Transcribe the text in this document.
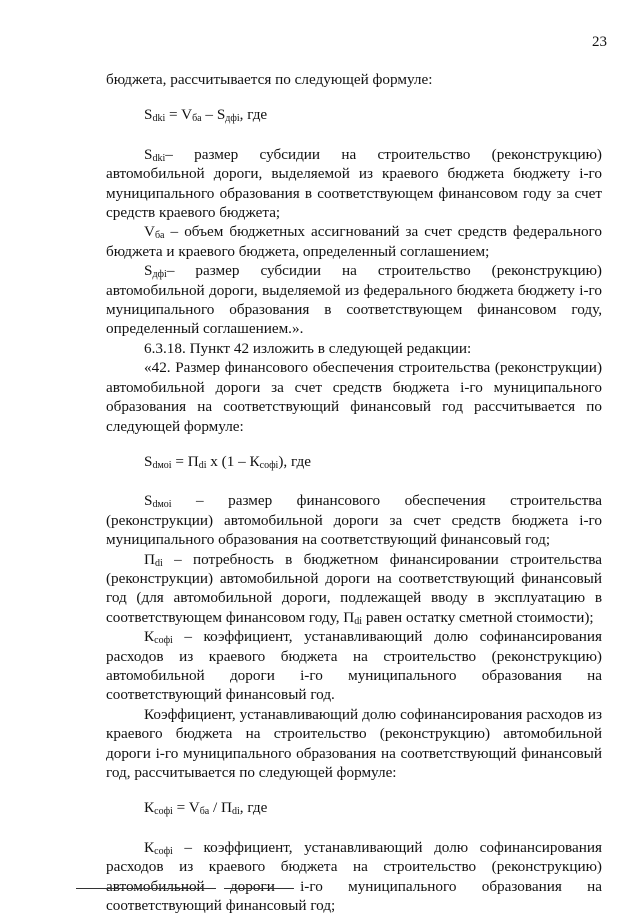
23

бюджета, рассчитывается по следующей формуле:

$S_{dki} = V_{ба} - S_{дфi}$, где

$S_{dki}-$ размер субсидии на строительство (реконструкцию) автомобильной дороги, выделяемой из краевого бюджета бюджету i-го муниципального образования в соответствующем финансовом году за счет средств краевого бюджета;

$V_{ба}$ – объем бюджетных ассигнований за счет средств федерального бюджета и краевого бюджета, определенный соглашением;

$S_{дфi}-$ размер субсидии на строительство (реконструкцию) автомобильной дороги, выделяемой из федерального бюджета бюджету i-го муниципального образования в соответствующем финансовом году, определенный соглашением.».

6.3.18. Пункт 42 изложить в следующей редакции:

«42. Размер финансового обеспечения строительства (реконструкции) автомобильной дороги за счет средств бюджета i-го муниципального образования на соответствующий финансовый год рассчитывается по следующей формуле:

$S_{dмоi} = П_{di}$ x $(1 - К_{софi})$, где

$S_{dмоi}$ – размер финансового обеспечения строительства (реконструкции) автомобильной дороги за счет средств бюджета i-го муниципального образования на соответствующий финансовый год;

$П_{di}$ – потребность в бюджетном финансировании строительства (реконструкции) автомобильной дороги на соответствующий финансовый год (для автомобильной дороги, подлежащей вводу в эксплуатацию в соответствующем финансовом году, $П_{di}$ равен остатку сметной стоимости);

$К_{софi}$ – коэффициент, устанавливающий долю софинансирования расходов из краевого бюджета на строительство (реконструкцию) автомобильной дороги i-го муниципального образования на соответствующий финансовый год.

Коэффициент, устанавливающий долю софинансирования расходов из краевого бюджета на строительство (реконструкцию) автомобильной дороги i-го муниципального образования на соответствующий финансовый год, рассчитывается по следующей формуле:

$К_{софi} = V_{ба} / П_{di}$, где

$К_{софi}$ – коэффициент, устанавливающий долю софинансирования расходов из краевого бюджета на строительство (реконструкцию) автомобильной дороги i-го муниципального образования на соответствующий финансовый год;
